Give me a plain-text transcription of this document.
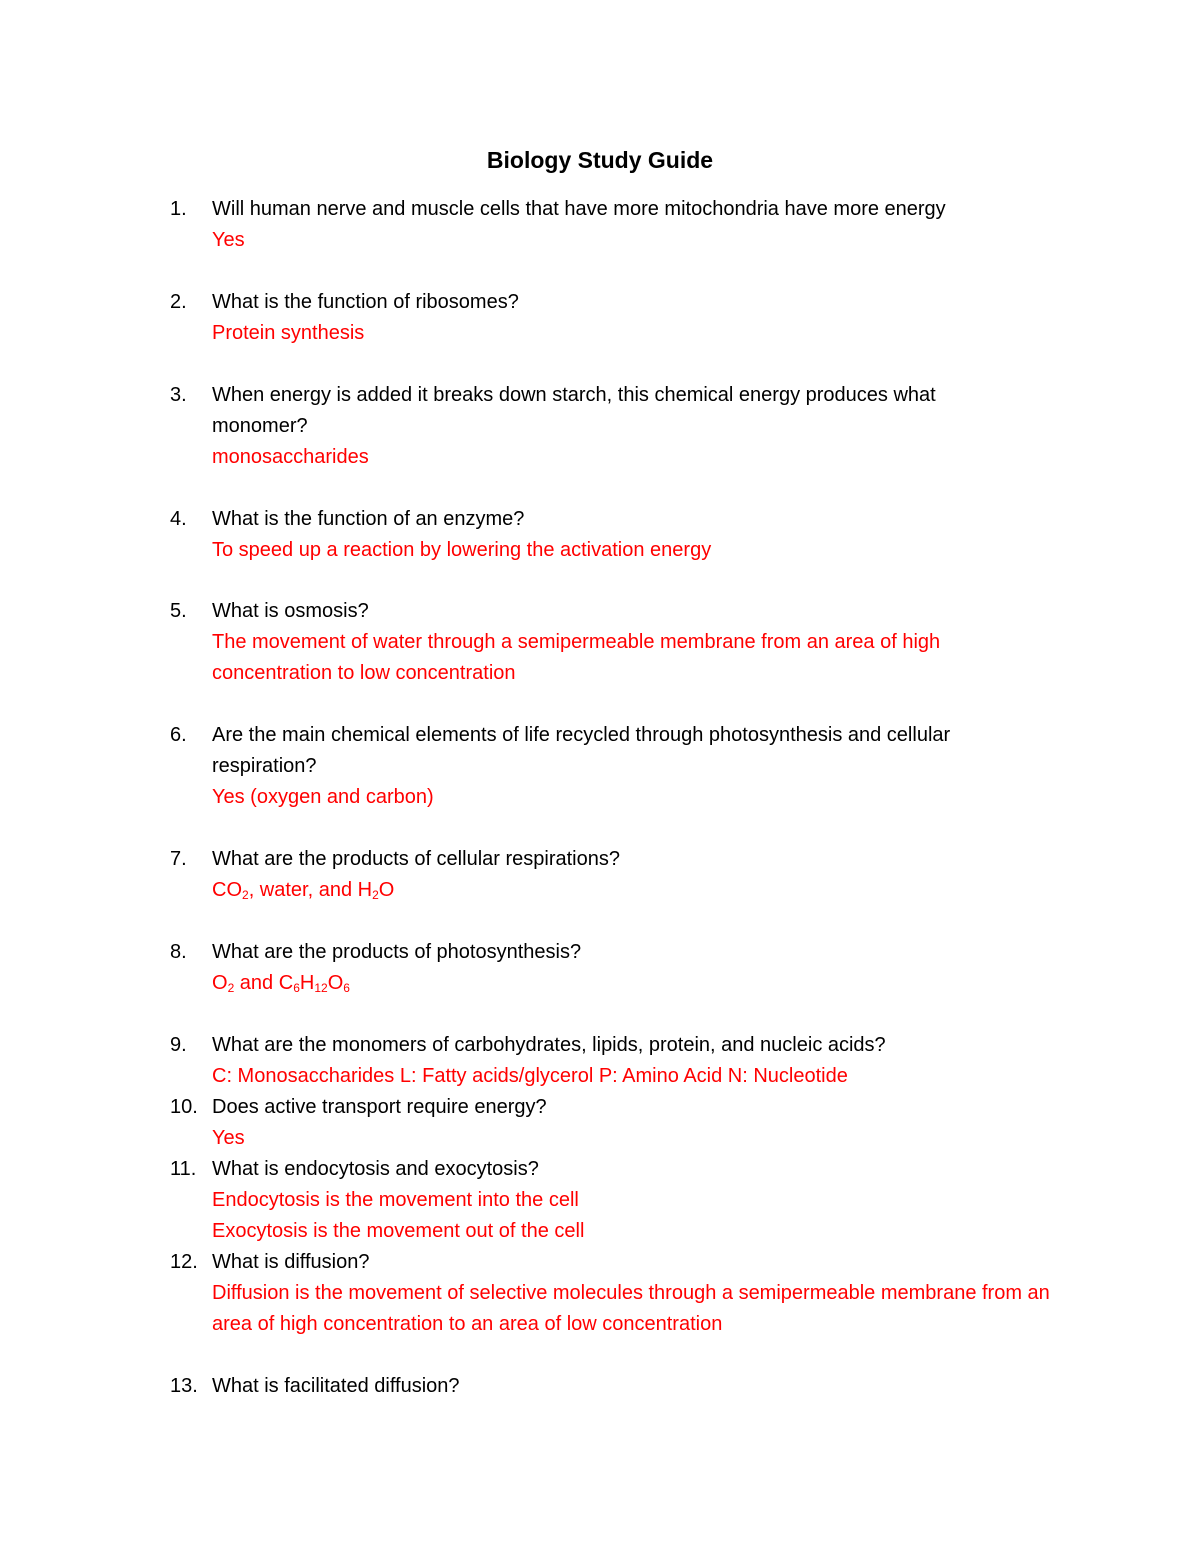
Biology Study Guide
1.	Will human nerve and muscle cells that have more mitochondria have more energy
Yes
2.	What is the function of ribosomes?
Protein synthesis
3.	When energy is added it breaks down starch, this chemical energy produces what monomer?
monosaccharides
4.	What is the function of an enzyme?
To speed up a reaction by lowering the activation energy
5.	What is osmosis?
The movement of water through a semipermeable membrane from an area of high concentration to low concentration
6.	Are the main chemical elements of life recycled through photosynthesis and cellular respiration?
Yes (oxygen and carbon)
7.	What are the products of cellular respirations?
$CO_2$, water, and $H_2O$
8.	What are the products of photosynthesis?
$O_2$ and $C_6H_{12}O_6$
9.	What are the monomers of carbohydrates, lipids, protein, and nucleic acids?
C: Monosaccharides L: Fatty acids/glycerol P: Amino Acid N: Nucleotide
10. Does active transport require energy?
Yes
11. What is endocytosis and exocytosis?
Endocytosis is the movement into the cell
Exocytosis is the movement out of the cell
12. What is diffusion?
Diffusion is the movement of selective molecules through a semipermeable membrane from an area of high concentration to an area of low concentration
13. What is facilitated diffusion?
